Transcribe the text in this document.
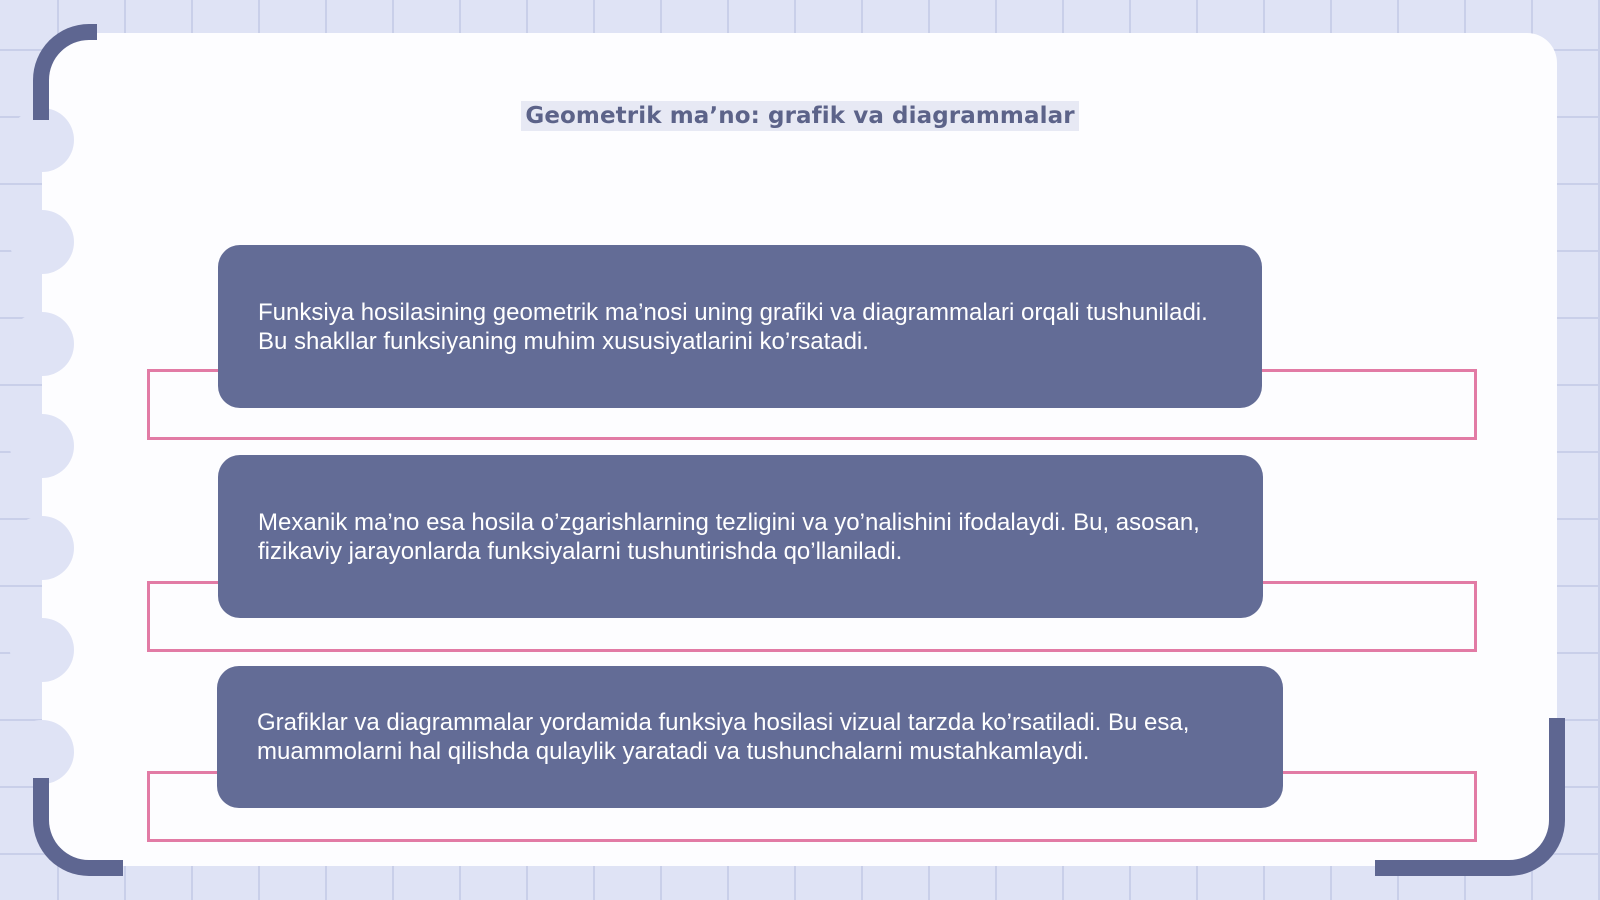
Geometrik maʼno: grafik va diagrammalar

Funksiya hosilasining geometrik ma’nosi uning grafiki va diagrammalari orqali tushuniladi. Bu shakllar funksiyaning muhim xususiyatlarini ko’rsatadi.

Mexanik ma’no esa hosila o’zgarishlarning tezligini va yo’nalishini ifodalaydi. Bu, asosan, fizikaviy jarayonlarda funksiyalarni tushuntirishda qo’llaniladi.

Grafiklar va diagrammalar yordamida funksiya hosilasi vizual tarzda ko’rsatiladi. Bu esa, muammolarni hal qilishda qulaylik yaratadi va tushunchalarni mustahkamlaydi.
